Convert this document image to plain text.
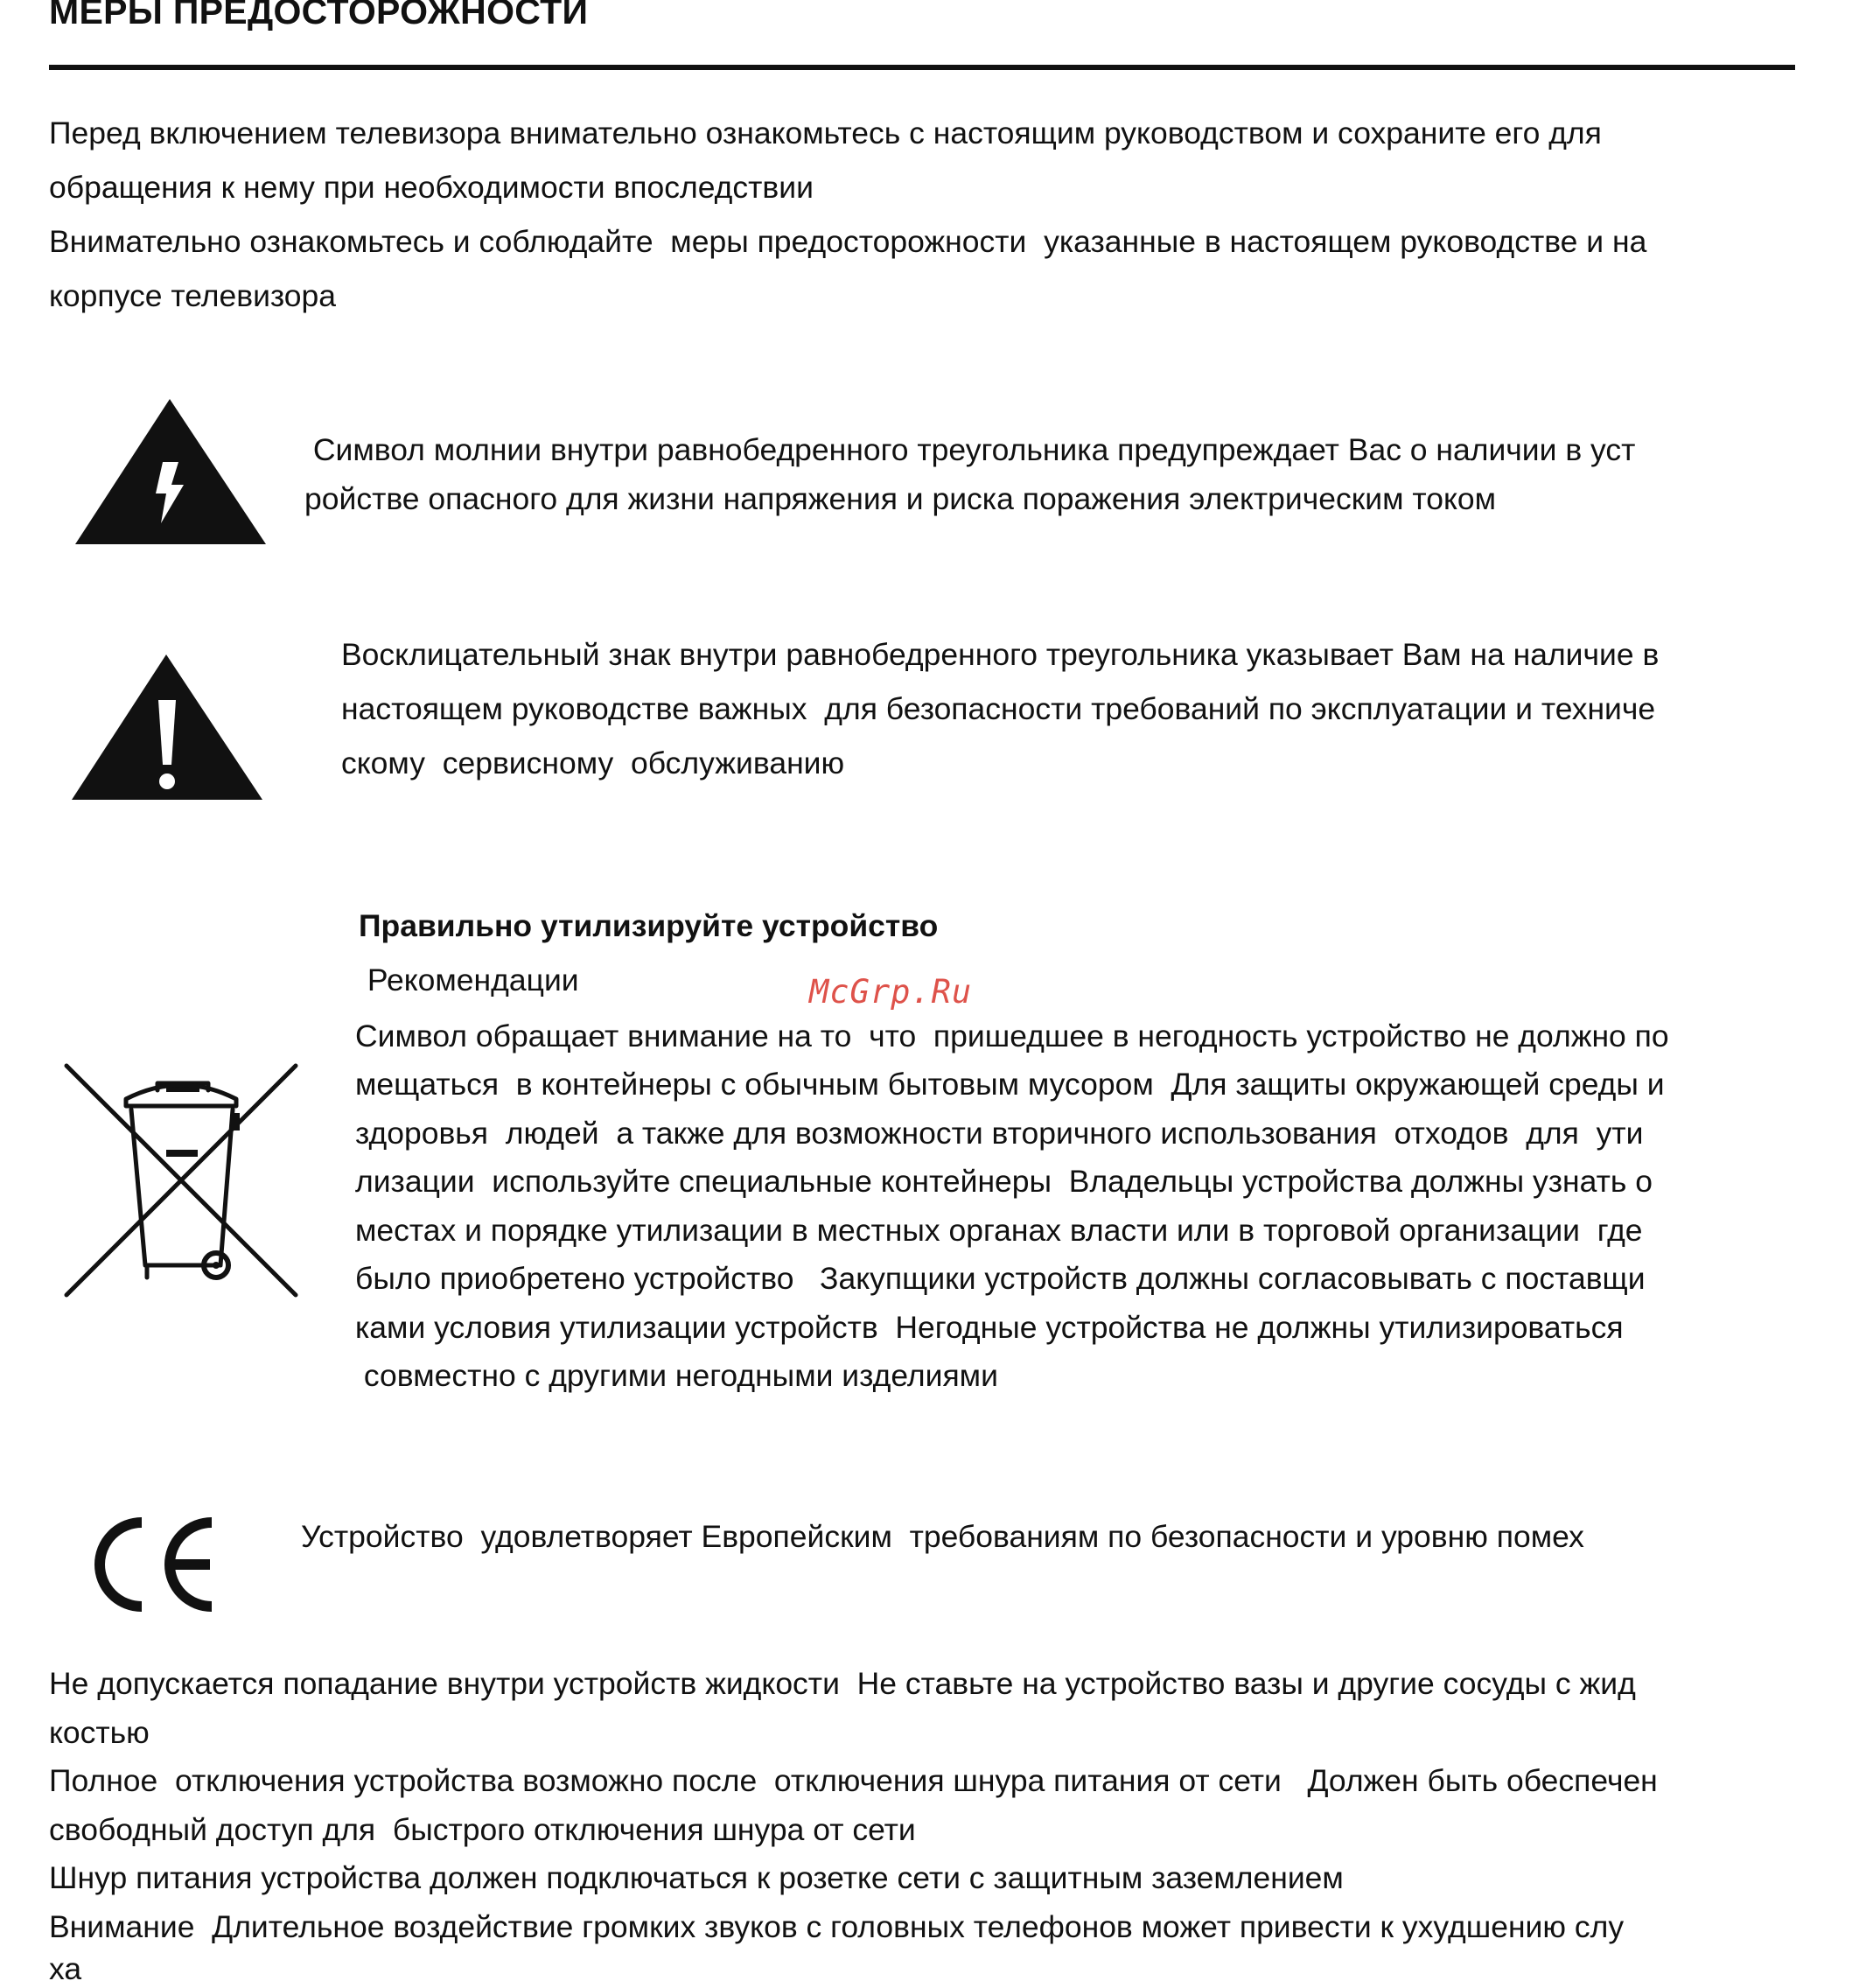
МЕРЫ ПРЕДОСТОРОЖНОСТИ
Перед включением телевизора внимательно ознакомьтесь с настоящим руководством и сохраните его для
обращения к нему при необходимости впоследствии
Внимательно ознакомьтесь и соблюдайте  меры предосторожности  указанные в настоящем руководстве и на
корпусе телевизора
Символ молнии внутри равнобедренного треугольника предупреждает Вас о наличии в уст
ройстве опасного для жизни напряжения и риска поражения электрическим током
Восклицательный знак внутри равнобедренного треугольника указывает Вам на наличие в
настоящем руководстве важных  для безопасности требований по эксплуатации и техниче
скому  сервисному  обслуживанию
Правильно утилизируйте устройство
Рекомендации
Символ обращает внимание на то  что  пришедшее в негодность устройство не должно по
мещаться  в контейнеры с обычным бытовым мусором  Для защиты окружающей среды и
здоровья  людей  а также для возможности вторичного использования  отходов  для  ути
лизации  используйте специальные контейнеры  Владельцы устройства должны узнать о
местах и порядке утилизации в местных органах власти или в торговой организации  где
было приобретено устройство   Закупщики устройств должны согласовывать с поставщи
ками условия утилизации устройств  Негодные устройства не должны утилизироваться
совместно с другими негодными изделиями
McGrp.Ru
Устройство  удовлетворяет Европейским  требованиям по безопасности и уровню помех
Не допускается попадание внутри устройств жидкости  Не ставьте на устройство вазы и другие сосуды с жид
костью
Полное  отключения устройства возможно после  отключения шнура питания от сети   Должен быть обеспечен
свободный доступ для  быстрого отключения шнура от сети
Шнур питания устройства должен подключаться к розетке сети с защитным заземлением
Внимание  Длительное воздействие громких звуков с головных телефонов может привести к ухудшению слу
ха
